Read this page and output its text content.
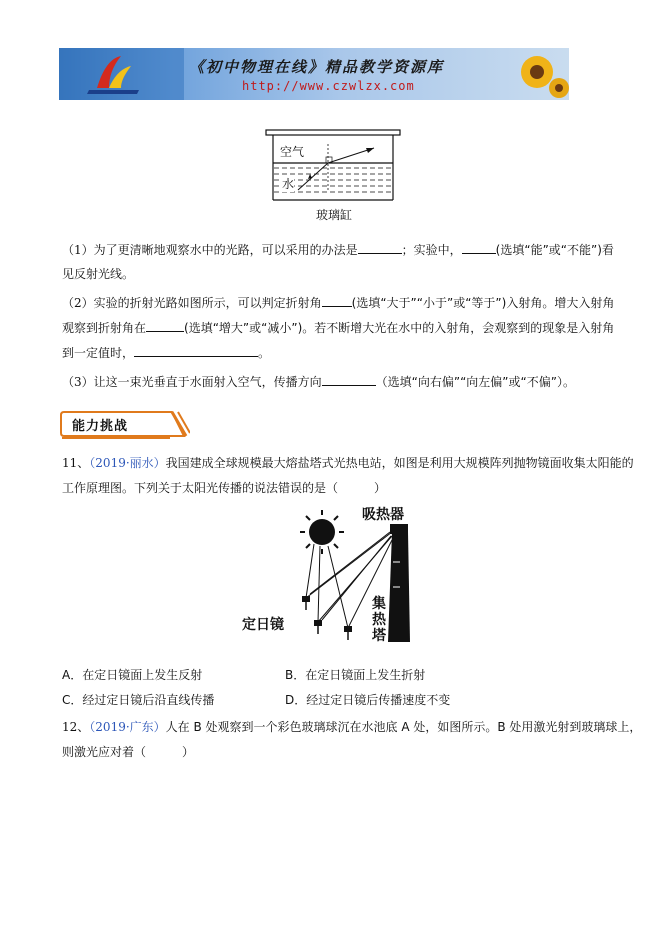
《初中物理在线》精品教学资源库
http://www.czwlzx.com
空气
水
玻璃缸
（1）为了更清晰地观察水中的光路，可以采用的办法是	；实验中，	(选填“能”或“不能”)看
见反射光线。
（2）实验的折射光路如图所示，可以判定折射角	(选填“大于”“小于”或“等于”)入射角。增大入射角
观察到折射角在	(选填“增大”或“减小”)。若不断增大光在水中的入射角，会观察到的现象是入射角
到一定值时，	。
（3）让这一束光垂直于水面射入空气，传播方向	（选填“向右偏”“向左偏”或“不偏”）。
能力挑战
11、（2019·丽水）我国建成全球规模最大熔盐塔式光热电站，如图是利用大规模阵列抛物镜面收集太阳能的
工作原理图。下列关于太阳光传播的说法错误的是（　　　）
吸热器
集
热
塔
定日镜
A．在定日镜面上发生反射	B．在定日镜面上发生折射
C．经过定日镜后沿直线传播	D．经过定日镜后传播速度不变
12、（2019·广东）人在 B 处观察到一个彩色玻璃球沉在水池底 A 处，如图所示。B 处用激光射到玻璃球上，
则激光应对着（　　　）
